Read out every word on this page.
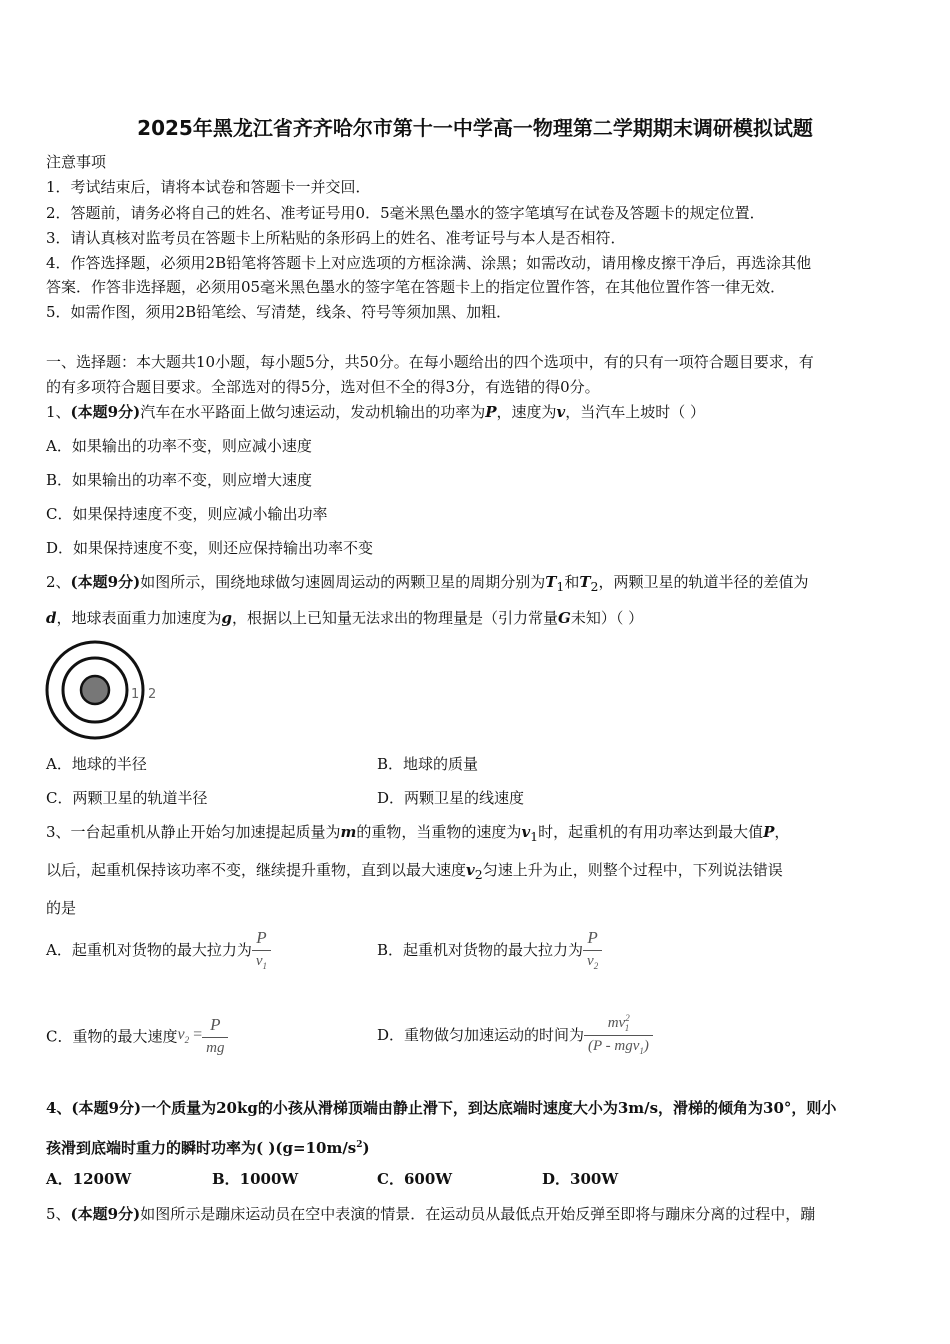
2025年黑龙江省齐齐哈尔市第十一中学高一物理第二学期期末调研模拟试题
注意事项
1．考试结束后，请将本试卷和答题卡一并交回．
2．答题前，请务必将自己的姓名、准考证号用0．5毫米黑色墨水的签字笔填写在试卷及答题卡的规定位置．
3．请认真核对监考员在答题卡上所粘贴的条形码上的姓名、准考证号与本人是否相符．
4．作答选择题，必须用2B铅笔将答题卡上对应选项的方框涂满、涂黑；如需改动，请用橡皮擦干净后，再选涂其他
答案．作答非选择题，必须用05毫米黑色墨水的签字笔在答题卡上的指定位置作答，在其他位置作答一律无效．
5．如需作图，须用2B铅笔绘、写清楚，线条、符号等须加黑、加粗．
一、选择题：本大题共10小题，每小题5分，共50分。在每小题给出的四个选项中，有的只有一项符合题目要求，有
的有多项符合题目要求。全部选对的得5分，选对但不全的得3分，有选错的得0分。
1、(本题9分)汽车在水平路面上做匀速运动，发动机输出的功率为P，速度为v，当汽车上坡时（ ）
A．如果输出的功率不变，则应减小速度
B．如果输出的功率不变，则应增大速度
C．如果保持速度不变，则应减小输出功率
D．如果保持速度不变，则还应保持输出功率不变
2、(本题9分)如图所示，围绕地球做匀速圆周运动的两颗卫星的周期分别为$T_1$和$T_2$，两颗卫星的轨道半径的差值为
d，地球表面重力加速度为g，根据以上已知量无法求出的物理量是（引力常量G未知）（ ）
1 2
A．地球的半径	B．地球的质量
C．两颗卫星的轨道半径	D．两颗卫星的线速度
3、一台起重机从静止开始匀加速提起质量为m的重物，当重物的速度为$v_1$时，起重机的有用功率达到最大值P，
以后，起重机保持该功率不变，继续提升重物，直到以最大速度$v_2$匀速上升为止，则整个过程中，下列说法错误
的是
A．起重机对货物的最大拉力为 $\frac{P}{v_1}$	B．起重机对货物的最大拉力为 $\frac{P}{v_2}$
C．重物的最大速度$v_2 = \frac{P}{mg}$	D．重物做匀加速运动的时间为 $\frac{mv^2_1}{(P - mgv_1)}$
4、(本题9分)一个质量为20kg的小孩从滑梯顶端由静止滑下，到达底端时速度大小为3m/s，滑梯的倾角为30°，则小
孩滑到底端时重力的瞬时功率为( )$(g=10m/s^2)$
A．1200W	B．1000W	C．600W	D．300W
5、(本题9分)如图所示是蹦床运动员在空中表演的情景．在运动员从最低点开始反弹至即将与蹦床分离的过程中，蹦
